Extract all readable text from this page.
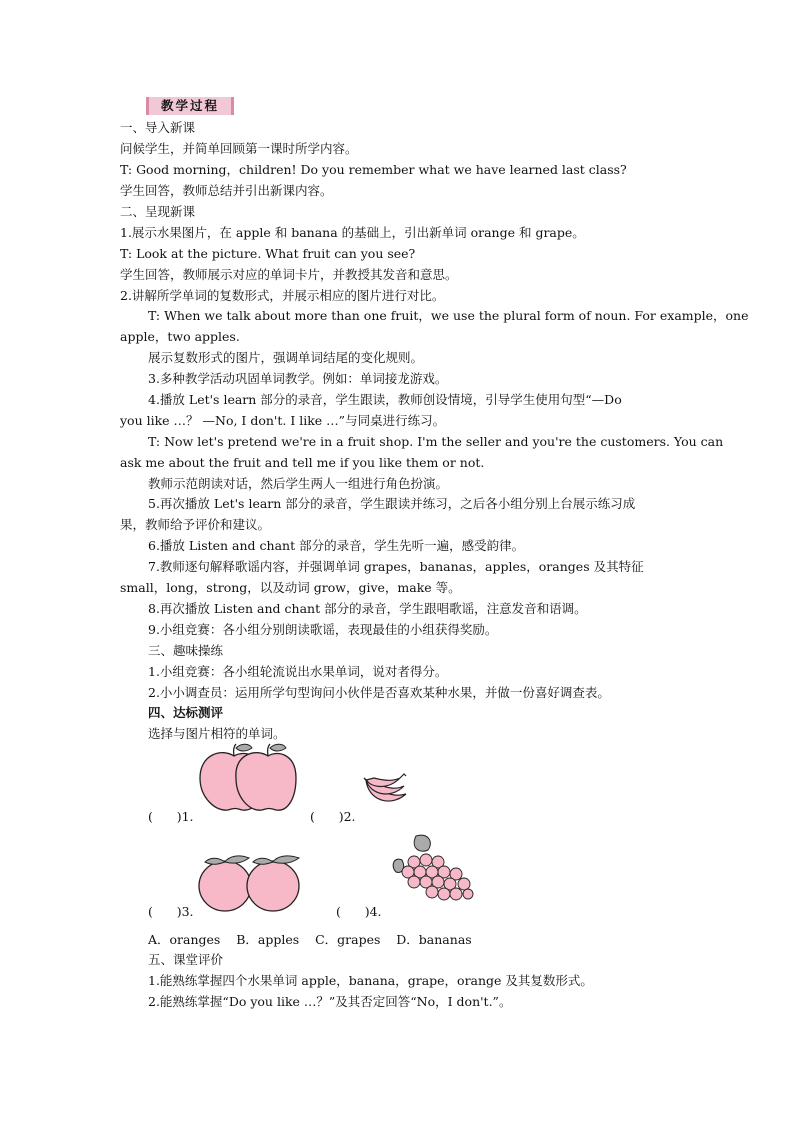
教学过程
一、导入新课
问候学生，并简单回顾第一课时所学内容。
T: Good morning，children! Do you remember what we have learned last class?
学生回答，教师总结并引出新课内容。
二、呈现新课
1.展示水果图片，在 apple 和 banana 的基础上，引出新单词 orange 和 grape。
T: Look at the picture. What fruit can you see?
学生回答，教师展示对应的单词卡片，并教授其发音和意思。
2.讲解所学单词的复数形式，并展示相应的图片进行对比。
T: When we talk about more than one fruit，we use the plural form of noun. For example，one
apple，two apples.
展示复数形式的图片，强调单词结尾的变化规则。
3.多种教学活动巩固单词教学。例如：单词接龙游戏。
4.播放 Let's learn 部分的录音，学生跟读，教师创设情境，引导学生使用句型“—Do
you like …？ —No, I don't. I like …”与同桌进行练习。
T: Now let's pretend we're in a fruit shop. I'm the seller and you're the customers. You can
ask me about the fruit and tell me if you like them or not.
教师示范朗读对话，然后学生两人一组进行角色扮演。
5.再次播放 Let's learn 部分的录音，学生跟读并练习，之后各小组分别上台展示练习成
果，教师给予评价和建议。
6.播放 Listen and chant 部分的录音，学生先听一遍，感受韵律。
7.教师逐句解释歌谣内容，并强调单词 grapes，bananas，apples，oranges 及其特征
small，long，strong，以及动词 grow，give，make 等。
8.再次播放 Listen and chant 部分的录音，学生跟唱歌谣，注意发音和语调。
9.小组竞赛：各小组分别朗读歌谣，表现最佳的小组获得奖励。
三、趣味操练
1.小组竞赛：各小组轮流说出水果单词，说对者得分。
2.小小调查员：运用所学句型询问小伙伴是否喜欢某种水果，并做一份喜好调查表。
四、达标测评
选择与图片相符的单词。
(      )1.	(      )2.
(      )3.	(      )4.
A．oranges    B．apples    C．grapes    D．bananas
五、课堂评价
1.能熟练掌握四个水果单词 apple，banana，grape，orange 及其复数形式。
2.能熟练掌握“Do you like …？”及其否定回答“No，I don't.”。
